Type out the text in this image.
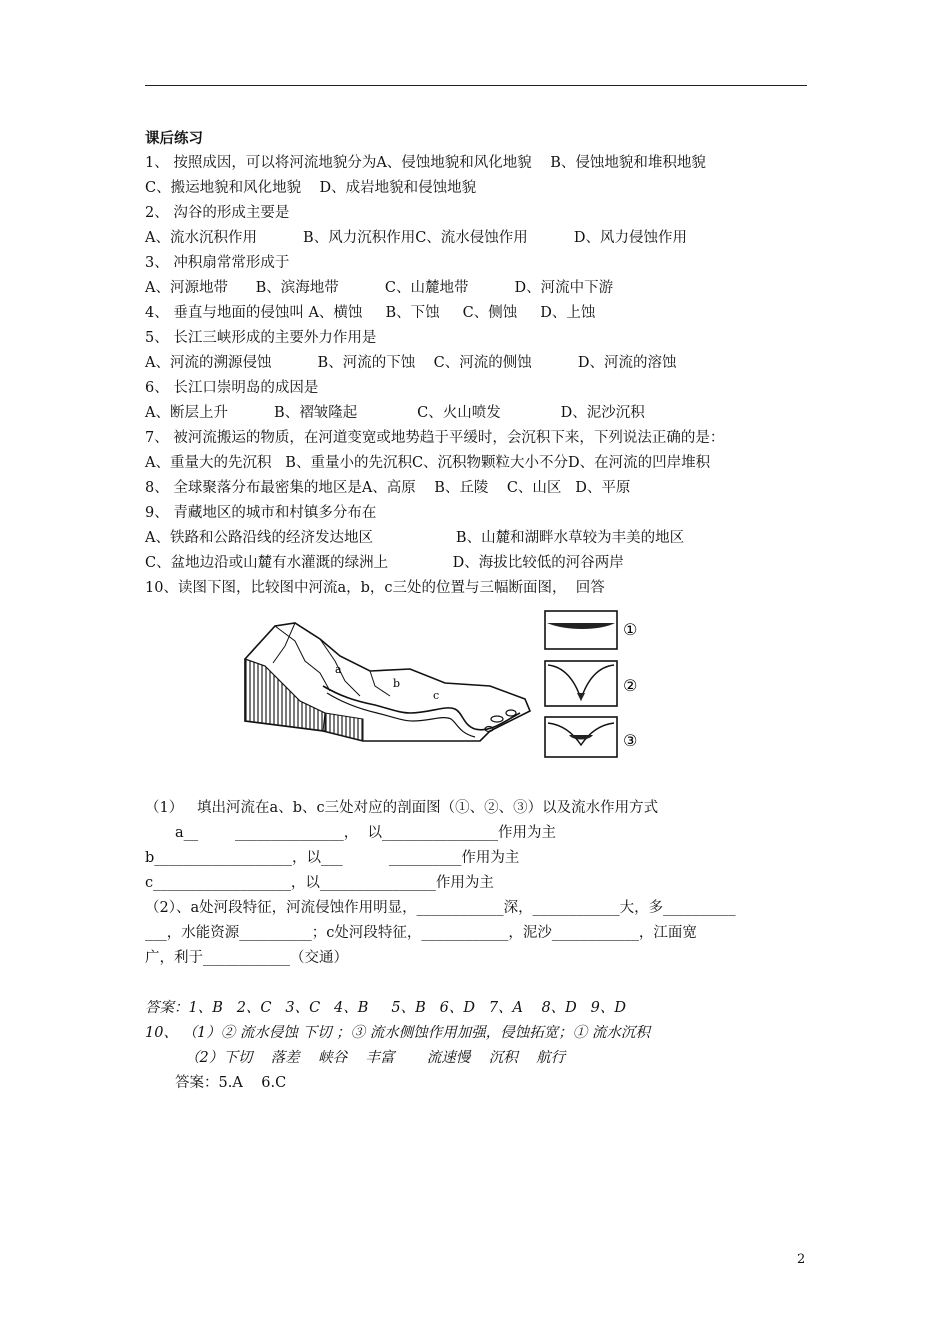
课后练习
1、 按照成因，可以将河流地貌分为A、侵蚀地貌和风化地貌    B、侵蚀地貌和堆积地貌
C、搬运地貌和风化地貌    D、成岩地貌和侵蚀地貌
2、 沟谷的形成主要是
A、流水沉积作用          B、风力沉积作用C、流水侵蚀作用          D、风力侵蚀作用
3、 冲积扇常常形成于
A、河源地带      B、滨海地带          C、山麓地带          D、河流中下游
4、 垂直与地面的侵蚀叫 A、横蚀     B、下蚀     C、侧蚀     D、上蚀
5、 长江三峡形成的主要外力作用是
A、河流的溯源侵蚀          B、河流的下蚀    C、河流的侧蚀          D、河流的溶蚀
6、 长江口崇明岛的成因是
A、断层上升          B、褶皱隆起             C、火山喷发             D、泥沙沉积
7、 被河流搬运的物质，在河道变宽或地势趋于平缓时，会沉积下来，下列说法正确的是：
A、重量大的先沉积   B、重量小的先沉积C、沉积物颗粒大小不分D、在河流的凹岸堆积
8、 全球聚落分布最密集的地区是A、高原    B、丘陵    C、山区   D、平原
9、 青藏地区的城市和村镇多分布在
A、铁路和公路沿线的经济发达地区                  B、山麓和湖畔水草较为丰美的地区
C、盆地边沿或山麓有水灌溉的绿洲上              D、海拔比较低的河谷两岸
10、读图下图，比较图中河流a，b，c三处的位置与三幅断面图，  回答
a
b
c
①
②
③
（1）   填出河流在a、b、c三处对应的剖面图（①、②、③）以及流水作用方式
a__        _______________，  以________________作用为主
b___________________，以___          __________作用为主
c___________________，以________________作用为主
（2）、a处河段特征，河流侵蚀作用明显，____________深，____________大，多__________
___，水能资源__________；c处河段特征，____________，泥沙____________，江面宽
广，利于____________（交通）
答案：1、B   2、C   3、C   4、B     5、B   6、D   7、A    8、D   9、D
10、 （1）② 流水侵蚀 下切 ；③ 流水侧蚀作用加强，侵蚀拓宽；① 流水沉积
（2）下切    落差    峡谷    丰富       流速慢    沉积    航行
答案：5.A    6.C
2
